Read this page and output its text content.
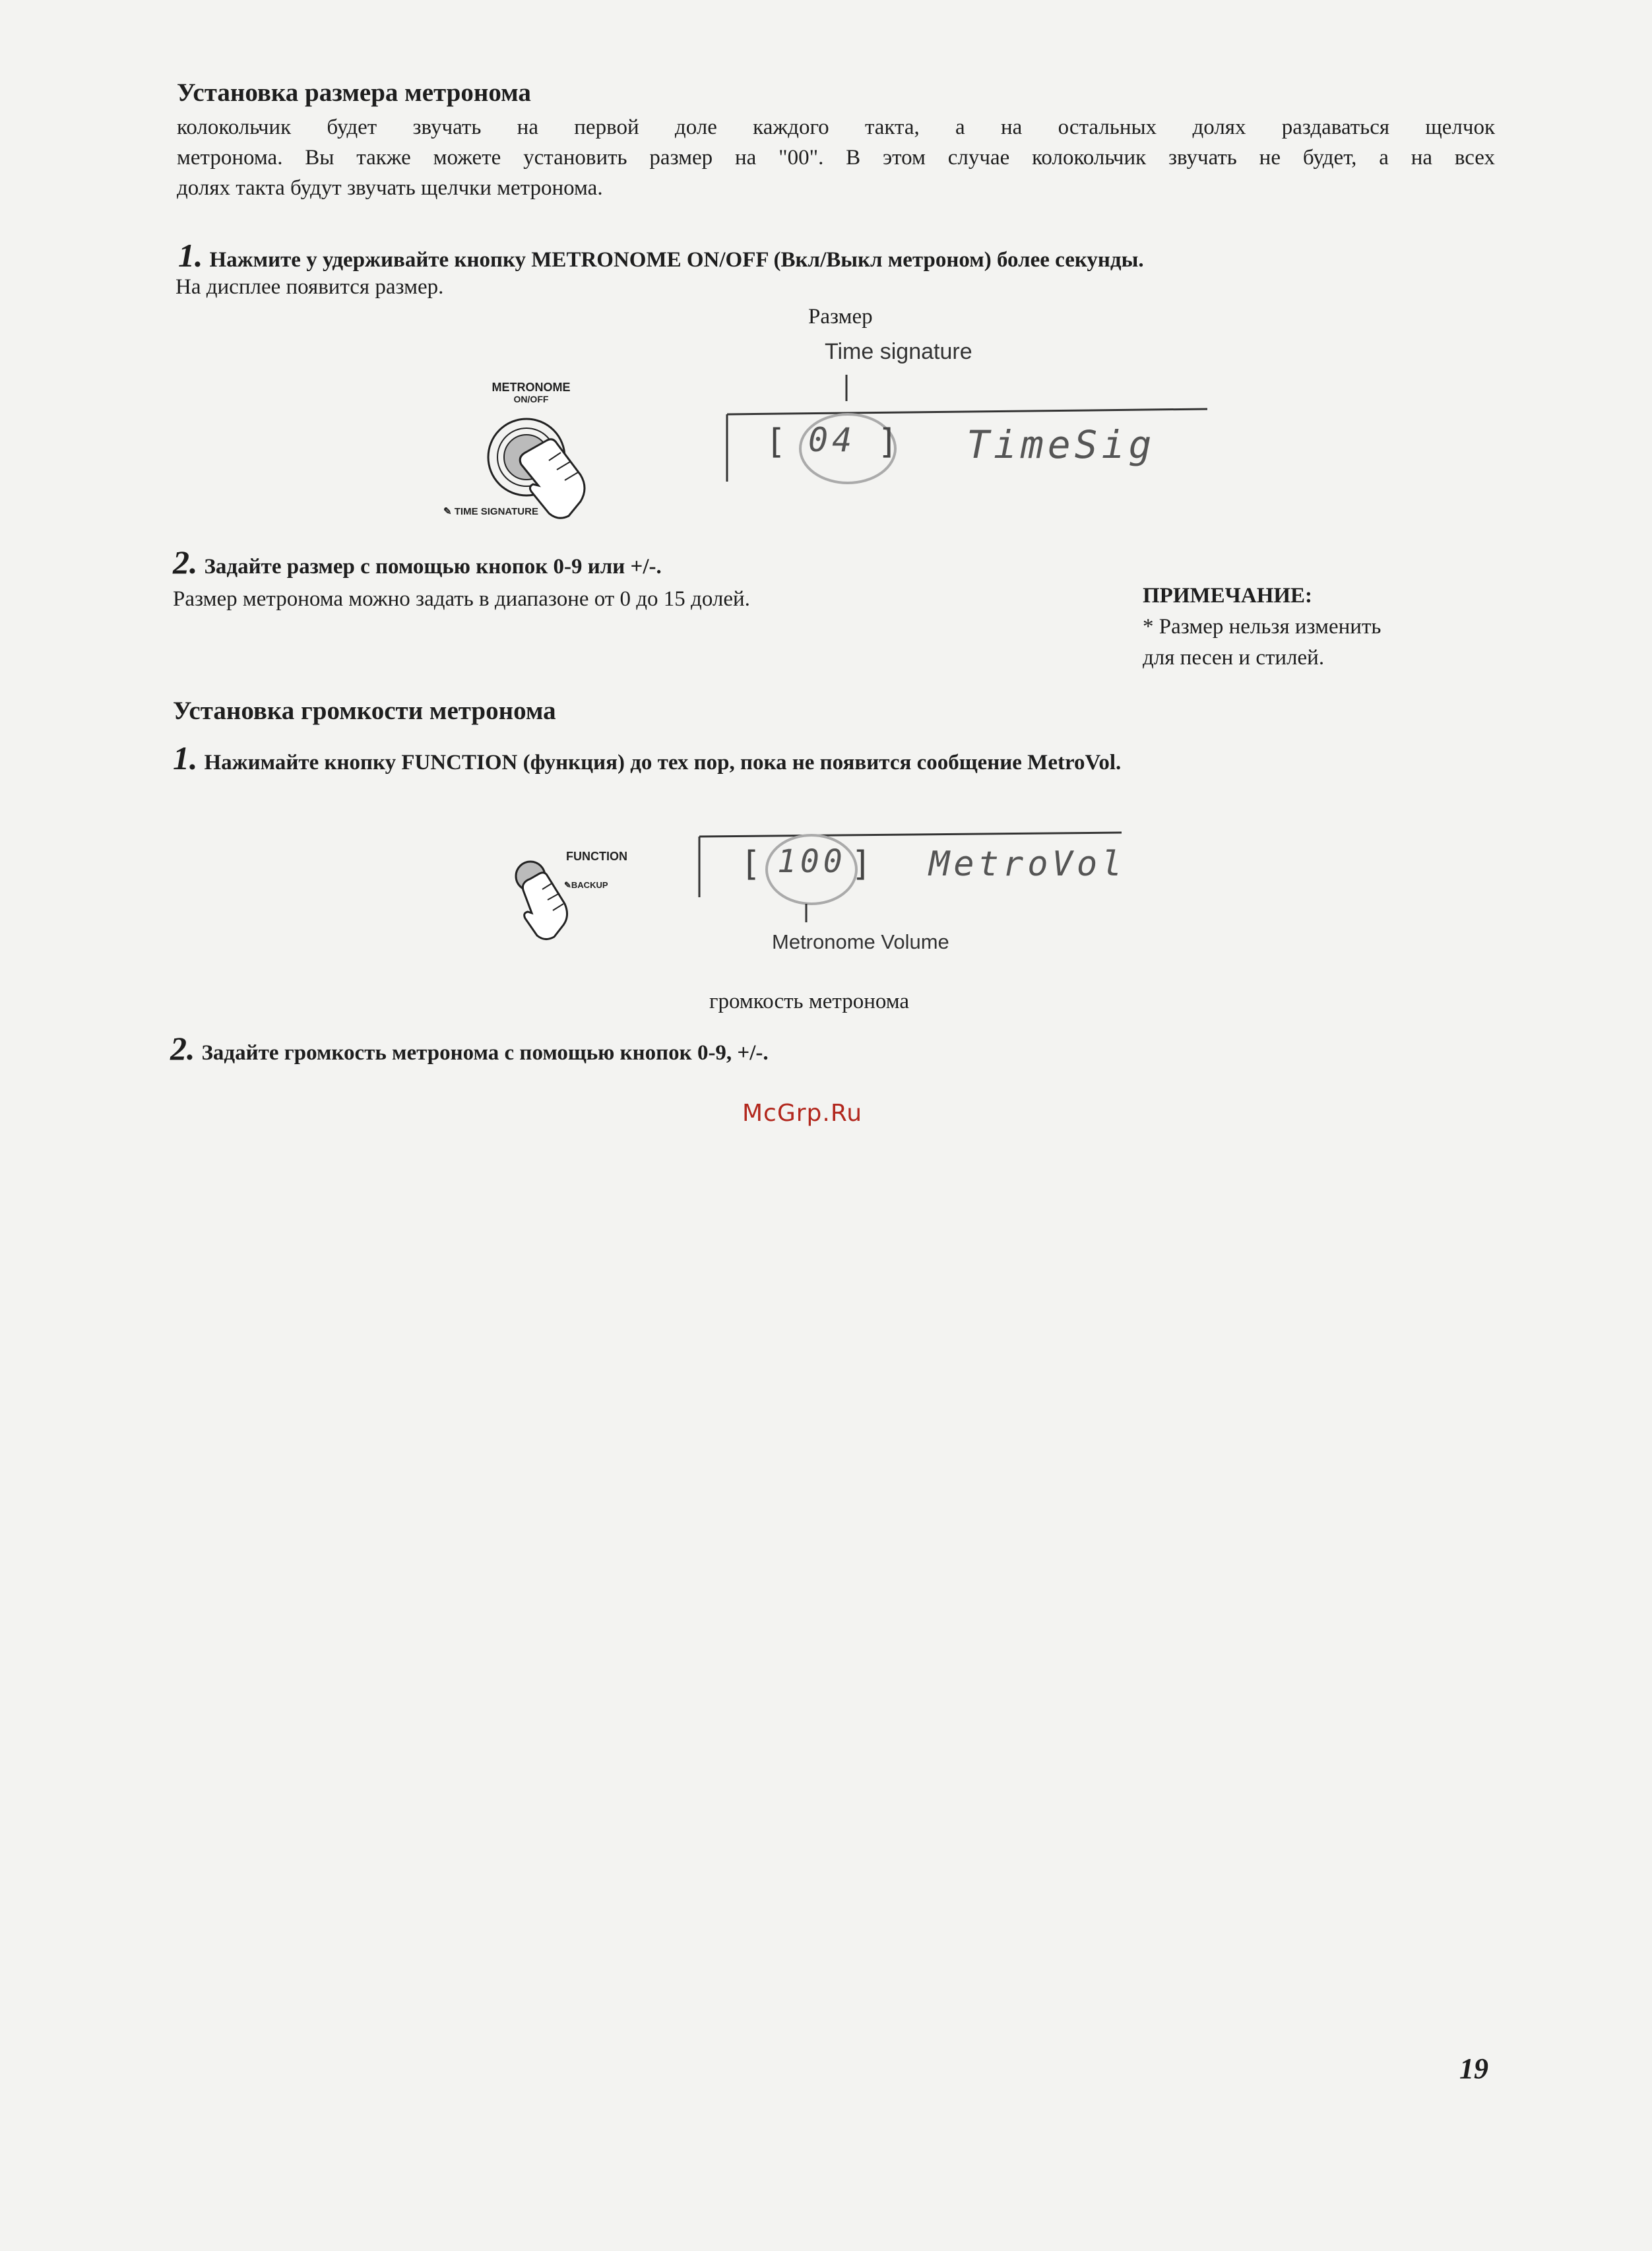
Установка размера метронома
колокольчик будет звучать на первой доле каждого такта, а на остальных долях раздаваться щелчок
метронома. Вы также можете установить размер на "00". В этом случае колокольчик звучать не будет, а на всех
долях такта будут звучать щелчки метронома.
1. Нажмите у удерживайте кнопку METRONOME ON/OFF (Вкл/Выкл метроном) более секунды.
На дисплее появится размер.
Размер
Time signature
METRONOME
ON/OFF
✎ TIME SIGNATURE
[ 04 ] TimeSig
2. Задайте размер с помощью кнопок 0-9 или +/-.
Размер метронома можно задать в диапазоне от 0 до 15 долей.	ПРИМЕЧАНИЕ:
* Размер нельзя изменить
для песен и стилей.
Установка громкости метронома
1. Нажимайте кнопку FUNCTION (функция) до тех пор, пока не появится сообщение MetroVol.
FUNCTION
✎BACKUP
[ 100 ] MetroVol
Metronome Volume
громкость метронома
2. Задайте громкость метронома с помощью кнопок 0-9, +/-.
McGrp.Ru
19
